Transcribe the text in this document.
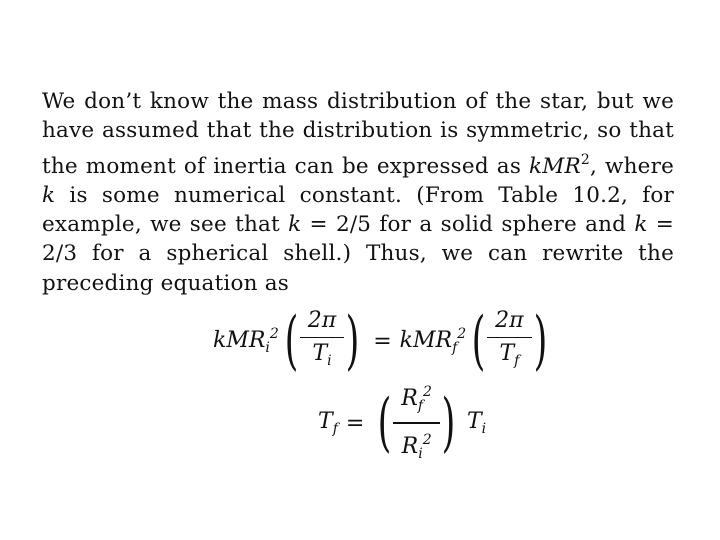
We don’t know the mass distribution of the star, but we have assumed that the distribution is symmetric, so that the moment of inertia can be expressed as kMR$^2$, where k is some numerical constant. (From Table 10.2, for example, we see that k = 2/5 for a solid sphere and k = 2/3 for a spherical shell.) Thus, we can rewrite the preceding equation as
kMR$_i^2$ ( $\frac{2\pi}{T_i}$ ) = kMR$_f^2$ ( $\frac{2\pi}{T_f}$ )
$T_f$ = ( $\frac{R_f^2}{R_i^2}$ ) $T_i$
